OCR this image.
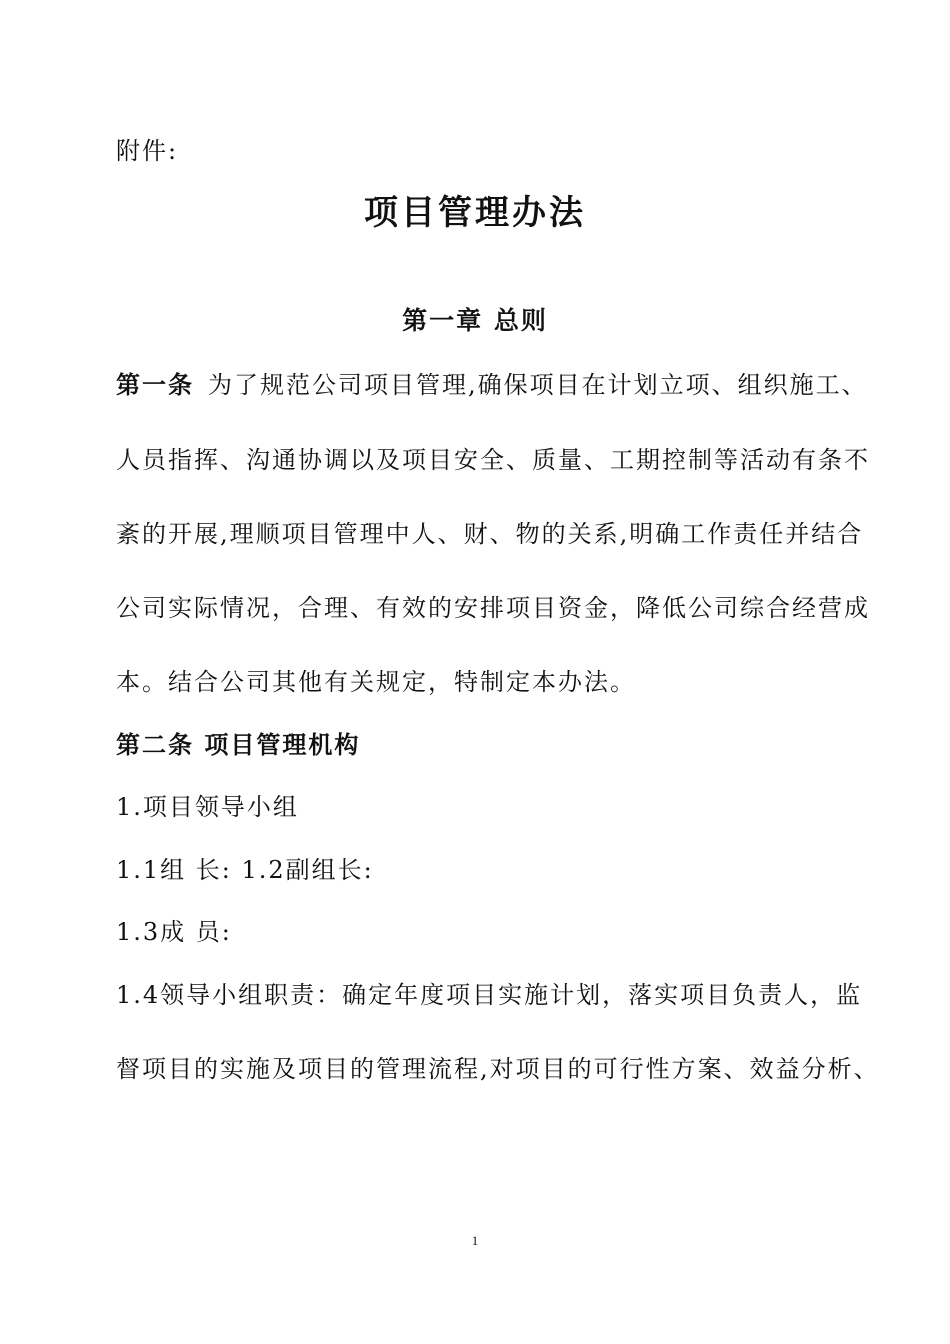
附件:
项目管理办法
第一章 总则
第一条 为了规范公司项目管理,确保项目在计划立项、组织施工、
人员指挥、沟通协调以及项目安全、质量、工期控制等活动有条不
紊的开展,理顺项目管理中人、财、物的关系,明确工作责任并结合
公司实际情况，合理、有效的安排项目资金，降低公司综合经营成
本。结合公司其他有关规定，特制定本办法。
第二条 项目管理机构
1.项目领导小组
1.1组 长: 1.2副组长:
1.3成 员:
1.4领导小组职责：确定年度项目实施计划，落实项目负责人，监
督项目的实施及项目的管理流程,对项目的可行性方案、效益分析、
1
